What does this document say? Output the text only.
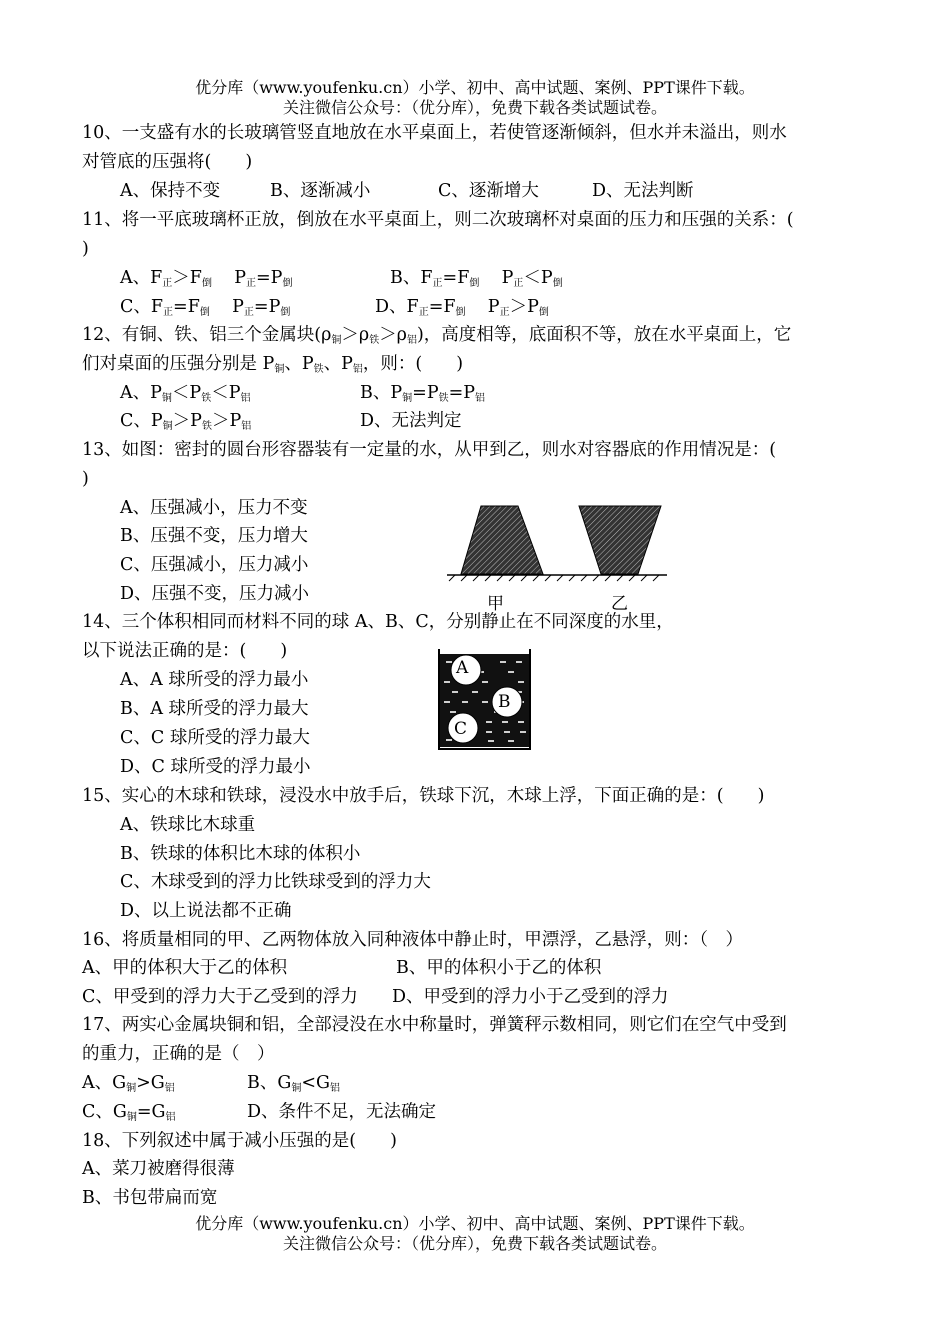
优分库（www.youfenku.cn）小学、初中、高中试题、案例、PPT课件下载。
关注微信公众号：（优分库），免费下载各类试题试卷。
10、一支盛有水的长玻璃管竖直地放在水平桌面上，若使管逐渐倾斜，但水并未溢出，则水
对管底的压强将( )
A、保持不变	B、逐渐减小	C、逐渐增大	D、无法判断
11、将一平底玻璃杯正放，倒放在水平桌面上，则二次玻璃杯对桌面的压力和压强的关系：(
)
A、$F_正>F_倒$ $P_正=P_倒$	B、$F_正=F_倒$ $P_正<P_倒$
C、$F_正=F_倒$ $P_正=P_倒$	D、$F_正=F_倒$ $P_正>P_倒$
12、有铜、铁、铝三个金属块$(\rho_铜>\rho_铁>\rho_铝)$，高度相等，底面积不等，放在水平桌面上，它
们对桌面的压强分别是 $P_铜$、$P_铁$、$P_铝$，则：( )
A、$P_铜<P_铁<P_铝$	B、$P_铜=P_铁=P_铝$
C、$P_铜>P_铁>P_铝$	D、无法判定
13、如图：密封的圆台形容器装有一定量的水，从甲到乙，则水对容器底的作用情况是：(
)
A、压强减小，压力不变
B、压强不变，压力增大
C、压强减小，压力减小
D、压强不变，压力减小	甲	乙
14、三个体积相同而材料不同的球 A、B、C，分别静止在不同深度的水里，
以下说法正确的是：( )
A、A 球所受的浮力最小
B、A 球所受的浮力最大
C、C 球所受的浮力最大
D、C 球所受的浮力最小
A
B
C
15、实心的木球和铁球，浸没水中放手后，铁球下沉，木球上浮，下面正确的是：( )
A、铁球比木球重
B、铁球的体积比木球的体积小
C、木球受到的浮力比铁球受到的浮力大
D、以上说法都不正确
16、将质量相同的甲、乙两物体放入同种液体中静止时，甲漂浮，乙悬浮，则：（　）
A、甲的体积大于乙的体积	B、甲的体积小于乙的体积
C、甲受到的浮力大于乙受到的浮力 D、甲受到的浮力小于乙受到的浮力
17、两实心金属块铜和铝，全部浸没在水中称量时，弹簧秤示数相同，则它们在空气中受到
的重力，正确的是（　）
A、$G_铜>G_铝$	B、$G_铜<G_铝$
C、$G_铜=G_铝$	D、条件不足，无法确定
18、下列叙述中属于减小压强的是( )
A、菜刀被磨得很薄
B、书包带扁而宽
优分库（www.youfenku.cn）小学、初中、高中试题、案例、PPT课件下载。
关注微信公众号：（优分库），免费下载各类试题试卷。
